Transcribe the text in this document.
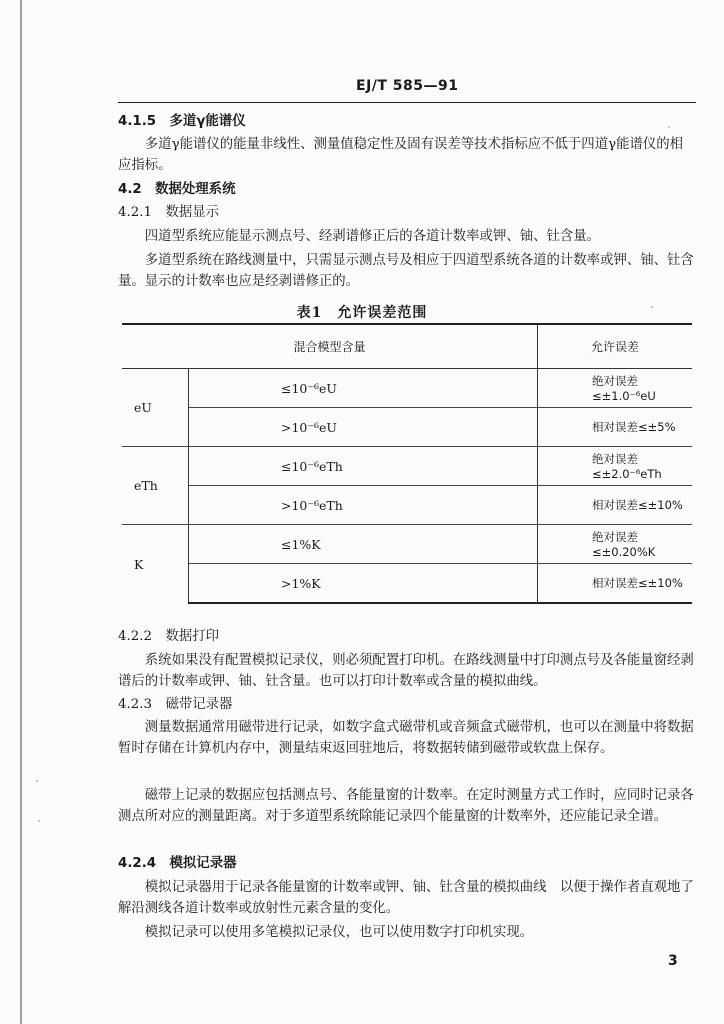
EJ/T 585—91

4.1.5　多道γ能谱仪

多道γ能谱仪的能量非线性、测量值稳定性及固有误差等技术指标应不低于四道γ能谱仪的相应指标。

4.2　数据处理系统

4.2.1　数据显示

四道型系统应能显示测点号、经剥谱修正后的各道计数率或钾、铀、钍含量。

多道型系统在路线测量中，只需显示测点号及相应于四道型系统各道的计数率或钾、铀、钍含量。显示的计数率也应是经剥谱修正的。

表1　允许误差范围
混合模型含量		允许误差
eU	≤10⁻⁶eU	绝对误差≤±1.0⁻⁶eU
	>10⁻⁶eU	相对误差≤±5%
eTh	≤10⁻⁶eTh	绝对误差≤±2.0⁻⁶eTh
	>10⁻⁶eTh	相对误差≤±10%
K	≤1%K	绝对误差≤±0.20%K
	>1%K	相对误差≤±10%

4.2.2　数据打印

系统如果没有配置模拟记录仪，则必须配置打印机。在路线测量中打印测点号及各能量窗经剥谱后的计数率或钾、铀、钍含量。也可以打印计数率或含量的模拟曲线。

4.2.3　磁带记录器

测量数据通常用磁带进行记录，如数字盒式磁带机或音频盒式磁带机，也可以在测量中将数据暂时存储在计算机内存中，测量结束返回驻地后，将数据转储到磁带或软盘上保存。

磁带上记录的数据应包括测点号、各能量窗的计数率。在定时测量方式工作时，应同时记录各测点所对应的测量距离。对于多道型系统除能记录四个能量窗的计数率外，还应能记录全谱。

4.2.4　模拟记录器

模拟记录器用于记录各能量窗的计数率或钾、铀、钍含量的模拟曲线　以便于操作者直观地了解沿测线各道计数率或放射性元素含量的变化。

模拟记录可以使用多笔模拟记录仪，也可以使用数字打印机实现。

3
